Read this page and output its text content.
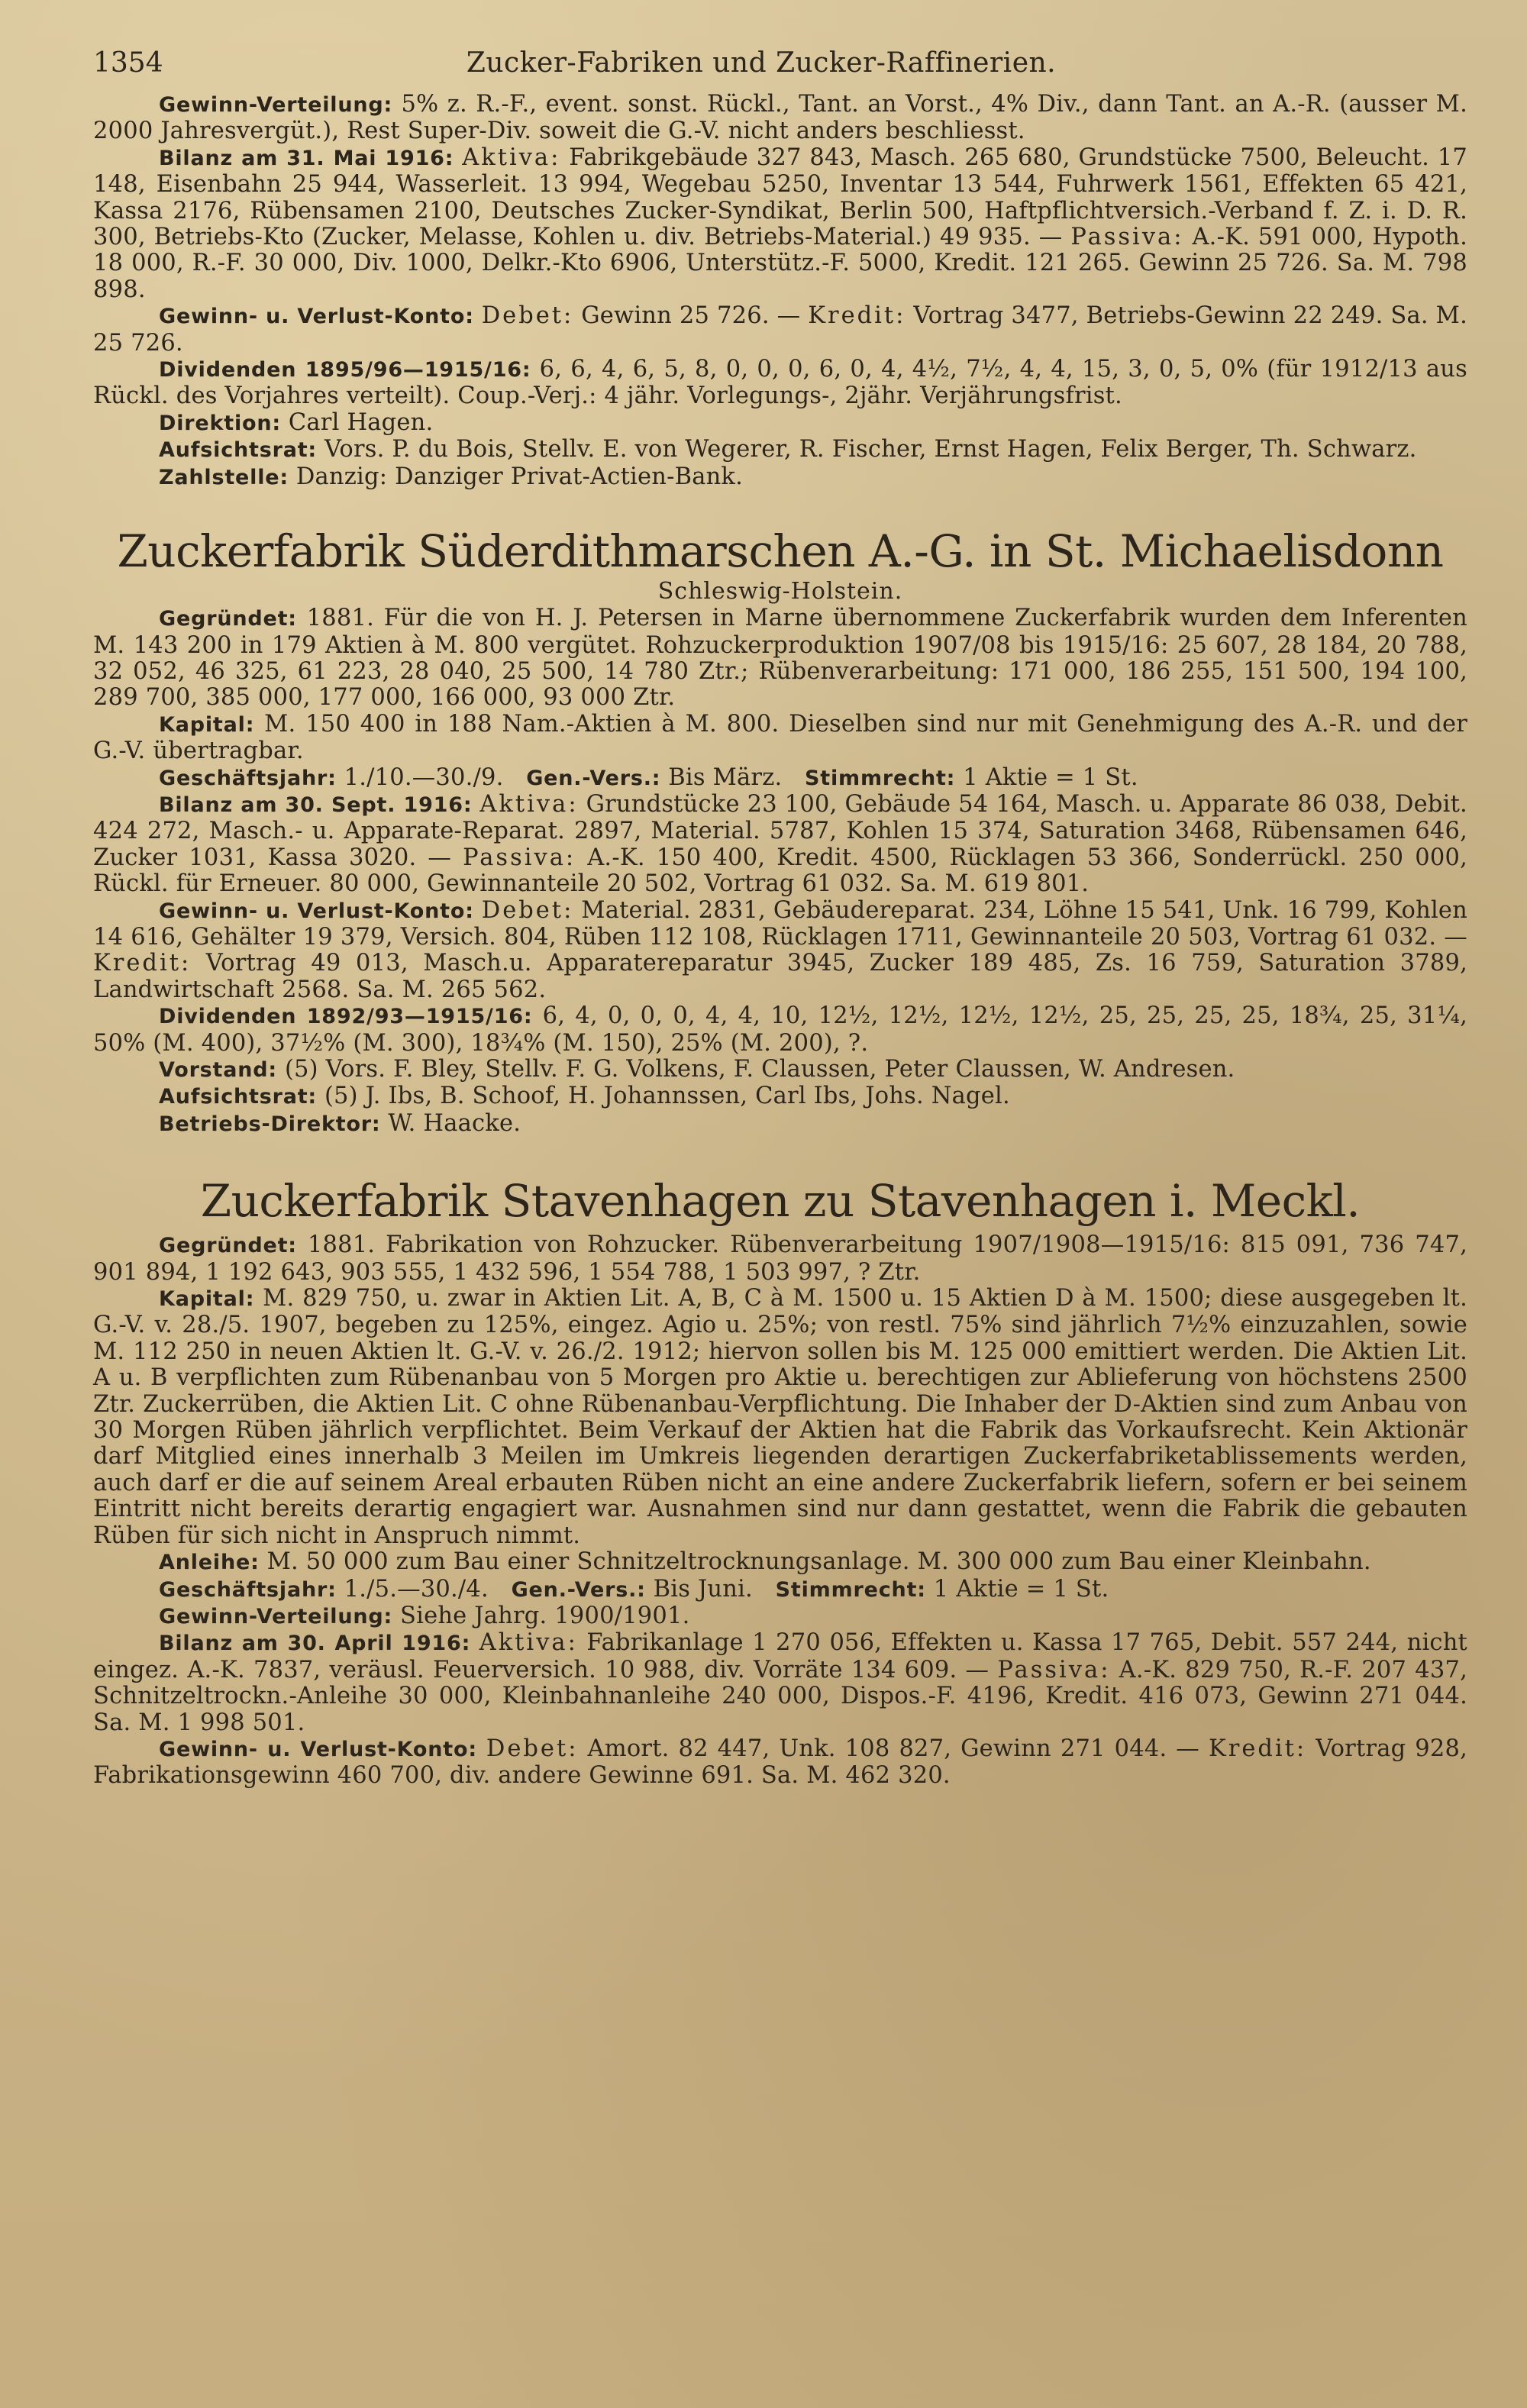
1354	Zucker-Fabriken und Zucker-Raffinerien.

Gewinn-Verteilung: 5% z. R.-F., event. sonst. Rückl., Tant. an Vorst., 4% Div., dann Tant. an A.-R. (ausser M. 2000 Jahresvergüt.), Rest Super-Div. soweit die G.-V. nicht anders beschliesst.

Bilanz am 31. Mai 1916: Aktiva: Fabrikgebäude 327 843, Masch. 265 680, Grundstücke 7500, Beleucht. 17 148, Eisenbahn 25 944, Wasserleit. 13 994, Wegebau 5250, Inventar 13 544, Fuhrwerk 1561, Effekten 65 421, Kassa 2176, Rübensamen 2100, Deutsches Zucker-Syndikat, Berlin 500, Haftpflichtversich.-Verband f. Z. i. D. R. 300, Betriebs-Kto (Zucker, Melasse, Kohlen u. div. Betriebs-Material.) 49 935. — Passiva: A.-K. 591 000, Hypoth. 18 000, R.-F. 30 000, Div. 1000, Delkr.-Kto 6906, Unterstütz.-F. 5000, Kredit. 121 265. Gewinn 25 726. Sa. M. 798 898.

Gewinn- u. Verlust-Konto: Debet: Gewinn 25 726. — Kredit: Vortrag 3477, Betriebs-Gewinn 22 249. Sa. M. 25 726.

Dividenden 1895/96—1915/16: 6, 6, 4, 6, 5, 8, 0, 0, 0, 6, 0, 4, 4½, 7½, 4, 4, 15, 3, 0, 5, 0% (für 1912/13 aus Rückl. des Vorjahres verteilt). Coup.-Verj.: 4 jähr. Vorlegungs-, 2jähr. Verjährungsfrist.

Direktion: Carl Hagen.

Aufsichtsrat: Vors. P. du Bois, Stellv. E. von Wegerer, R. Fischer, Ernst Hagen, Felix Berger, Th. Schwarz.

Zahlstelle: Danzig: Danziger Privat-Actien-Bank.

Zuckerfabrik Süderdithmarschen A.-G. in St. Michaelisdonn
Schleswig-Holstein.

Gegründet: 1881. Für die von H. J. Petersen in Marne übernommene Zuckerfabrik wurden dem Inferenten M. 143 200 in 179 Aktien à M. 800 vergütet. Rohzuckerproduktion 1907/08 bis 1915/16: 25 607, 28 184, 20 788, 32 052, 46 325, 61 223, 28 040, 25 500, 14 780 Ztr.; Rübenverarbeitung: 171 000, 186 255, 151 500, 194 100, 289 700, 385 000, 177 000, 166 000, 93 000 Ztr.

Kapital: M. 150 400 in 188 Nam.-Aktien à M. 800. Dieselben sind nur mit Genehmigung des A.-R. und der G.-V. übertragbar.

Geschäftsjahr: 1./10.—30./9. Gen.-Vers.: Bis März. Stimmrecht: 1 Aktie = 1 St.

Bilanz am 30. Sept. 1916: Aktiva: Grundstücke 23 100, Gebäude 54 164, Masch. u. Apparate 86 038, Debit. 424 272, Masch.- u. Apparate-Reparat. 2897, Material. 5787, Kohlen 15 374, Saturation 3468, Rübensamen 646, Zucker 1031, Kassa 3020. — Passiva: A.-K. 150 400, Kredit. 4500, Rücklagen 53 366, Sonderrückl. 250 000, Rückl. für Erneuer. 80 000, Gewinnanteile 20 502, Vortrag 61 032. Sa. M. 619 801.

Gewinn- u. Verlust-Konto: Debet: Material. 2831, Gebäudereparat. 234, Löhne 15 541, Unk. 16 799, Kohlen 14 616, Gehälter 19 379, Versich. 804, Rüben 112 108, Rücklagen 1711, Gewinnanteile 20 503, Vortrag 61 032. — Kredit: Vortrag 49 013, Masch.u. Apparatereparatur 3945, Zucker 189 485, Zs. 16 759, Saturation 3789, Landwirtschaft 2568. Sa. M. 265 562.

Dividenden 1892/93—1915/16: 6, 4, 0, 0, 0, 4, 4, 10, 12½, 12½, 12½, 12½, 25, 25, 25, 25, 18¾, 25, 31¼, 50% (M. 400), 37½% (M. 300), 18¾% (M. 150), 25% (M. 200), ?.

Vorstand: (5) Vors. F. Bley, Stellv. F. G. Volkens, F. Claussen, Peter Claussen, W. Andresen.

Aufsichtsrat: (5) J. Ibs, B. Schoof, H. Johannssen, Carl Ibs, Johs. Nagel.

Betriebs-Direktor: W. Haacke.

Zuckerfabrik Stavenhagen zu Stavenhagen i. Meckl.

Gegründet: 1881. Fabrikation von Rohzucker. Rübenverarbeitung 1907/1908—1915/16: 815 091, 736 747, 901 894, 1 192 643, 903 555, 1 432 596, 1 554 788, 1 503 997, ? Ztr.

Kapital: M. 829 750, u. zwar in Aktien Lit. A, B, C à M. 1500 u. 15 Aktien D à M. 1500; diese ausgegeben lt. G.-V. v. 28./5. 1907, begeben zu 125%, eingez. Agio u. 25%; von restl. 75% sind jährlich 7½% einzuzahlen, sowie M. 112 250 in neuen Aktien lt. G.-V. v. 26./2. 1912; hiervon sollen bis M. 125 000 emittiert werden. Die Aktien Lit. A u. B verpflichten zum Rübenanbau von 5 Morgen pro Aktie u. berechtigen zur Ablieferung von höchstens 2500 Ztr. Zuckerrüben, die Aktien Lit. C ohne Rübenanbau-Verpflichtung. Die Inhaber der D-Aktien sind zum Anbau von 30 Morgen Rüben jährlich verpflichtet. Beim Verkauf der Aktien hat die Fabrik das Vorkaufsrecht. Kein Aktionär darf Mitglied eines innerhalb 3 Meilen im Umkreis liegenden derartigen Zuckerfabriketablissements werden, auch darf er die auf seinem Areal erbauten Rüben nicht an eine andere Zuckerfabrik liefern, sofern er bei seinem Eintritt nicht bereits derartig engagiert war. Ausnahmen sind nur dann gestattet, wenn die Fabrik die gebauten Rüben für sich nicht in Anspruch nimmt.

Anleihe: M. 50 000 zum Bau einer Schnitzeltrocknungsanlage. M. 300 000 zum Bau einer Kleinbahn.

Geschäftsjahr: 1./5.—30./4. Gen.-Vers.: Bis Juni. Stimmrecht: 1 Aktie = 1 St.

Gewinn-Verteilung: Siehe Jahrg. 1900/1901.

Bilanz am 30. April 1916: Aktiva: Fabrikanlage 1 270 056, Effekten u. Kassa 17 765, Debit. 557 244, nicht eingez. A.-K. 7837, veräusl. Feuerversich. 10 988, div. Vorräte 134 609. — Passiva: A.-K. 829 750, R.-F. 207 437, Schnitzeltrockn.-Anleihe 30 000, Kleinbahnanleihe 240 000, Dispos.-F. 4196, Kredit. 416 073, Gewinn 271 044. Sa. M. 1 998 501.

Gewinn- u. Verlust-Konto: Debet: Amort. 82 447, Unk. 108 827, Gewinn 271 044. — Kredit: Vortrag 928, Fabrikationsgewinn 460 700, div. andere Gewinne 691. Sa. M. 462 320.
